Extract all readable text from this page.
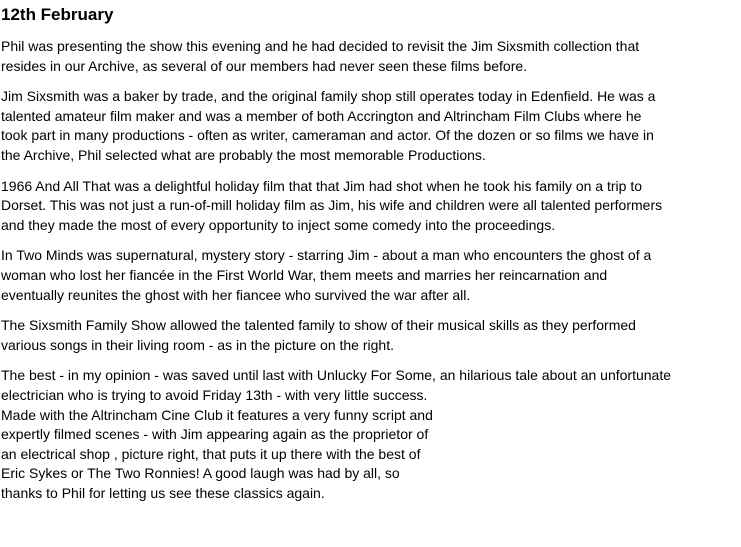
12th February

Phil was presenting the show this evening and he had decided to revisit the Jim Sixsmith collection that
resides in our Archive, as several of our members had never seen these films before.

Jim Sixsmith was a baker by trade, and the original family shop still operates today in Edenfield. He was a
talented amateur film maker and was a member of both Accrington and Altrincham Film Clubs where he
took part in many productions - often as writer, cameraman and actor. Of the dozen or so films we have in
the Archive, Phil selected what are probably the most memorable Productions.

1966 And All That was a delightful holiday film that that Jim had shot when he took his family on a trip to
Dorset. This was not just a run-of-mill holiday film as Jim, his wife and children were all talented performers
and they made the most of every opportunity to inject some comedy into the proceedings.

In Two Minds was supernatural, mystery story - starring Jim - about a man who encounters the ghost of a
woman who lost her fiancée in the First World War, them meets and marries her reincarnation and
eventually reunites the ghost with her fiancee who survived the war after all.

The Sixsmith Family Show allowed the talented family to show of their musical skills as they performed
various songs in their living room - as in the picture on the right.

The best - in my opinion - was saved until last with Unlucky For Some, an hilarious tale about an unfortunate
electrician who is trying to avoid Friday 13th - with very little success.
Made with the Altrincham Cine Club it features a very funny script and
expertly filmed scenes - with Jim appearing again as the proprietor of
an electrical shop , picture right, that puts it up there with the best of
Eric Sykes or The Two Ronnies! A good laugh was had by all, so
thanks to Phil for letting us see these classics again.
